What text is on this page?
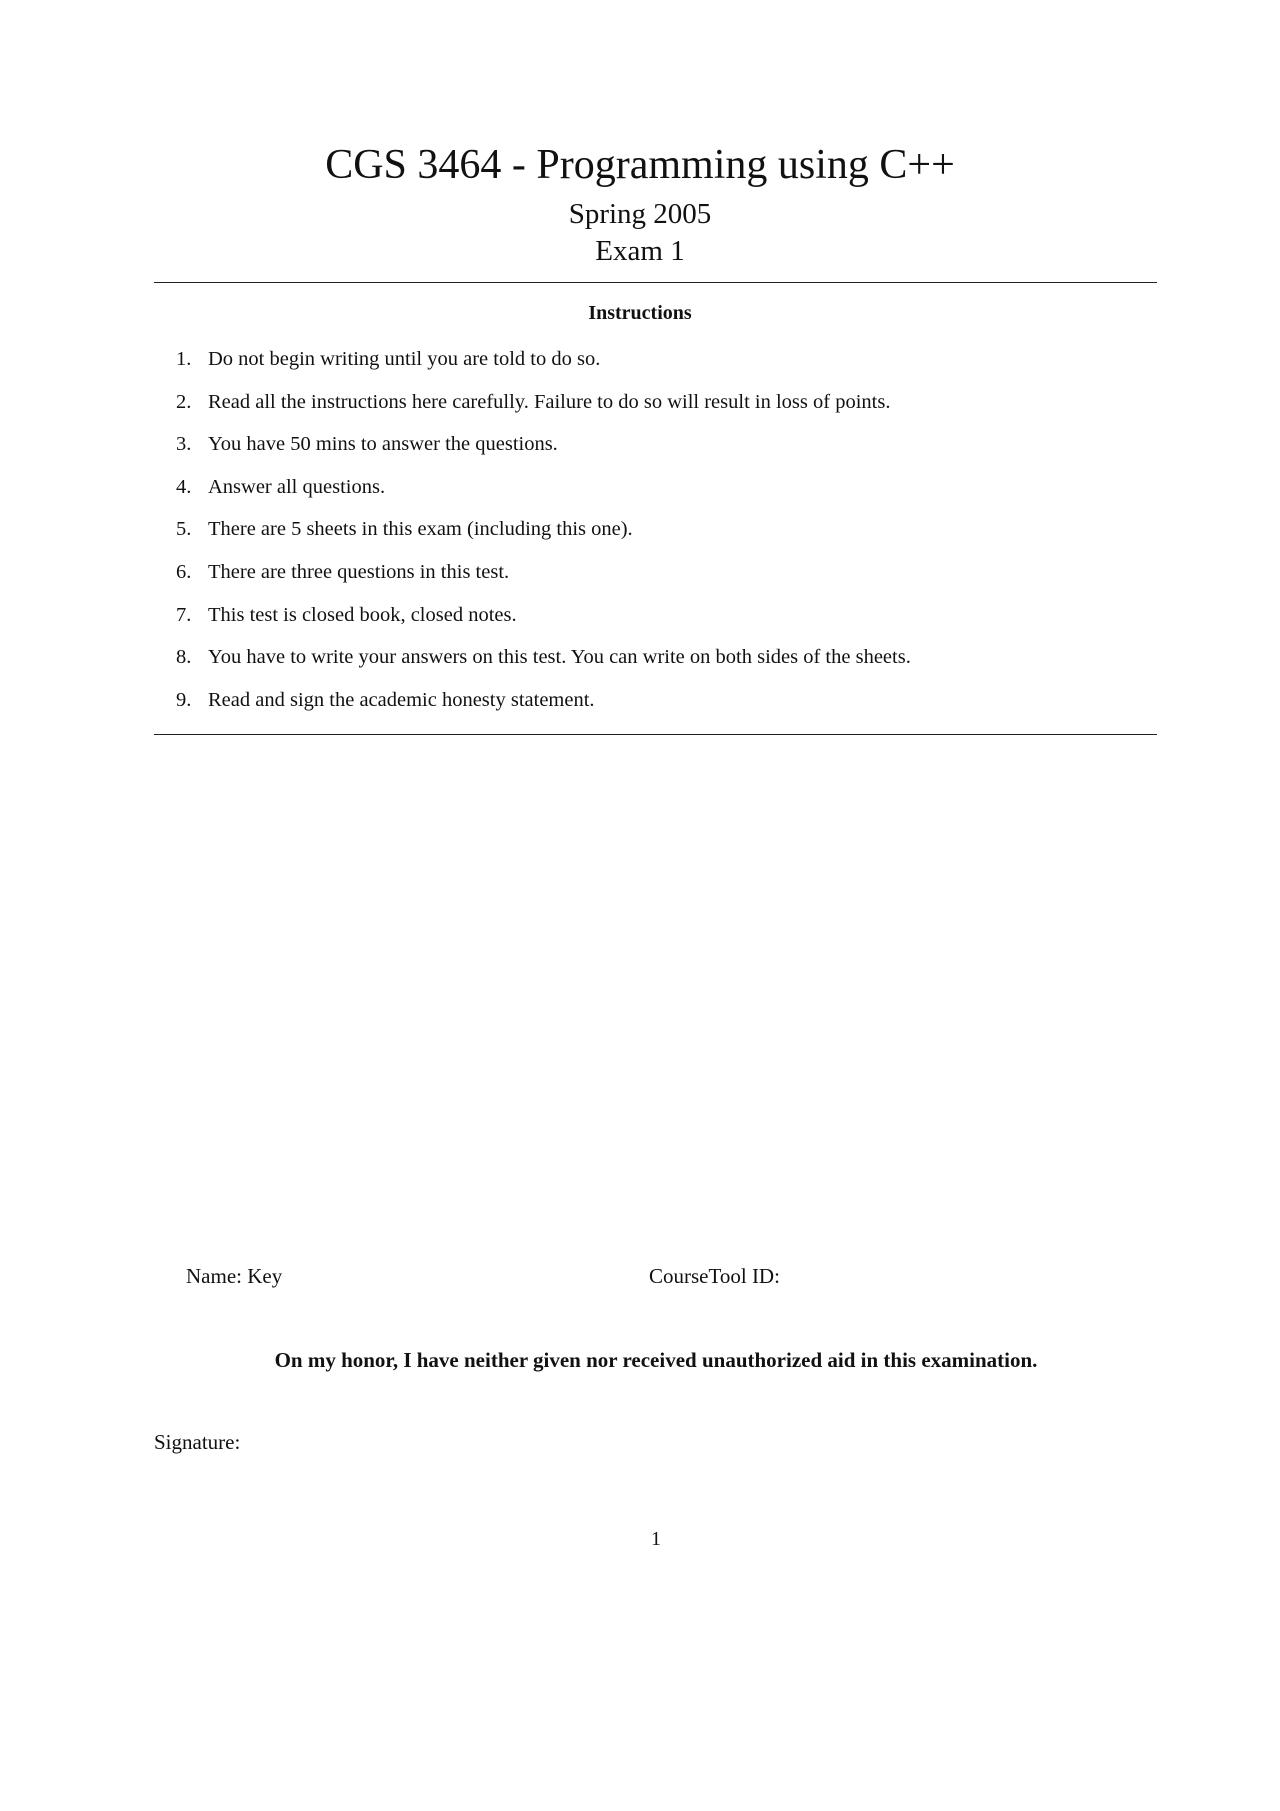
CGS 3464 - Programming using C++
Spring 2005
Exam 1
Instructions
1. Do not begin writing until you are told to do so.
2. Read all the instructions here carefully. Failure to do so will result in loss of points.
3. You have 50 mins to answer the questions.
4. Answer all questions.
5. There are 5 sheets in this exam (including this one).
6. There are three questions in this test.
7. This test is closed book, closed notes.
8. You have to write your answers on this test. You can write on both sides of the sheets.
9. Read and sign the academic honesty statement.
Name: Key	CourseTool ID:
On my honor, I have neither given nor received unauthorized aid in this examination.
Signature:
1
